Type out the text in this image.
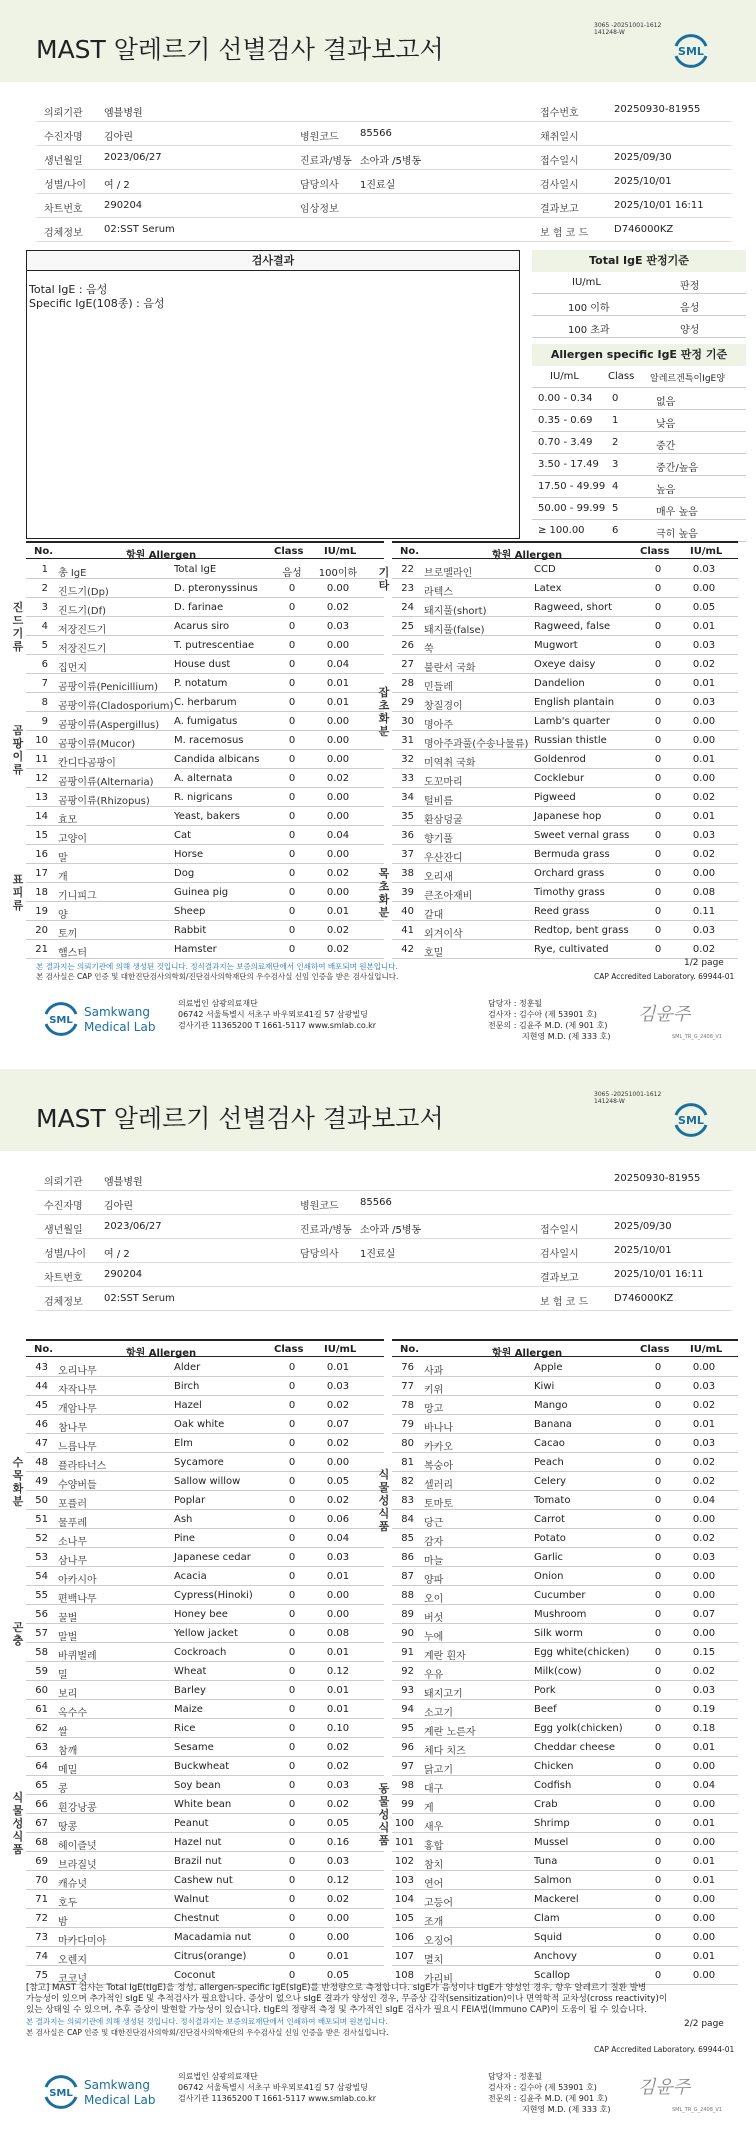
MAST 알레르기 선별검사 결과보고서
3065 -20251001-1612
141248-W
SML
의뢰기관 엠블병원	접수번호	20250930-81955
수진자명 김아린	병원코드 85566	채취일시
생년월일 2023/06/27	진료과/병동 소아과 /5병동	접수일시	2025/09/30
성별/나이 여 / 2	담당의사 1진료실	검사일시	2025/10/01
차트번호 290204	임상정보	결과보고	2025/10/01 16:11
검체정보 02:SST Serum	보 험 코 드	D746000KZ
검사결과
Total IgE : 음성
Specific IgE(108종) : 음성
Total IgE 판정기준
IU/mL	판정
100 이하	음성
100 초과	양성
Allergen specific IgE 판정 기준
IU/mL	Class 알레르겐특이IgE양
0.00 - 0.34 0	없음
0.35 - 0.69 1	낮음
0.70 - 3.49 2	중간
3.50 - 17.49 3	중간/높음
17.50 - 49.99 4	높음
50.00 - 99.99 5	매우 높음
≥ 100.00	6	극히 높음
No.	항원 Allergen	Class IU/mL
1 총 IgE	Total IgE	음성	100이하
2 진드기(Dp)	D. pteronyssinus	0	0.00
3 진드기(Df)	D. farinae	0	0.02
4 저장진드기	Acarus siro	0	0.03
5 저장진드기	T. putrescentiae	0	0.00
6 집먼지	House dust	0	0.04
7 곰팡이류(Penicillium) P. notatum	0	0.01
8 곰팡이류(Cladosporium) C. herbarum	0	0.01
9 곰팡이류(Aspergillus) A. fumigatus	0	0.00
10 곰팡이류(Mucor)	M. racemosus	0	0.00
11 칸디다곰팡이	Candida albicans	0	0.00
12 곰팡이류(Alternaria) A. alternata	0	0.02
13 곰팡이류(Rhizopus) R. nigricans	0	0.00
14 효모	Yeast, bakers	0	0.00
15 고양이	Cat	0	0.04
16 말	Horse	0	0.00
17 개	Dog	0	0.02
18 기니피그	Guinea pig	0	0.00
19 양	Sheep	0	0.01
20 토끼	Rabbit	0	0.02
21 햄스터	Hamster	0	0.02
진드기류
곰팡이류
표피류
No.	항원 Allergen	Class IU/mL
22 브로멜라인	CCD	0	0.03
23 라텍스	Latex	0	0.00
24 돼지풀(short)	Ragweed, short	0	0.05
25 돼지풀(false)	Ragweed, false	0	0.01
26 쑥	Mugwort	0	0.03
27 불란서 국화	Oxeye daisy	0	0.02
28 민들레	Dandelion	0	0.01
29 창질경이	English plantain	0	0.03
30 명아주	Lamb's quarter	0	0.00
31 명아주과풀(수송나물류) Russian thistle	0	0.00
32 미역취 국화	Goldenrod	0	0.01
33 도꼬마리	Cocklebur	0	0.00
34 털비름	Pigweed	0	0.02
35 환삼덩굴	Japanese hop	0	0.01
36 향기풀	Sweet vernal grass	0	0.03
37 우산잔디	Bermuda grass	0	0.02
38 오리새	Orchard grass	0	0.00
39 큰조아재비	Timothy grass	0	0.08
40 갈대	Reed grass	0	0.11
41 외겨이삭	Redtop, bent grass	0	0.03
42 호밀	Rye, cultivated	0	0.02
기타
잡초화분
목초화분
본 결과지는 의뢰기관에 의해 생성된 것입니다. 정식결과지는 보증의료재단에서 인쇄하여 배포되며 원본입니다.
본 검사실은 CAP 인증 및 대한진단검사의학회/진단검사의학재단의 우수검사실 신임 인증을 받은 검사실입니다.
1/2 page
CAP Accredited Laboratory. 69944-01
SML
Samkwang
Medical Lab
의료법인 삼광의료재단
06742 서울특별시 서초구 바우뫼로41길 57 삼광빌딩
검사기관 11365200 T 1661-5117 www.smlab.co.kr
담당자 : 정훈될
검사자 : 김수아 (제 53901 호)
전문의 : 김윤주 M.D. (제 901 호)
지현영 M.D. (제 333 호)
김윤주
SML_TR_G_2408_V1
MAST 알레르기 선별검사 결과보고서
3065 -20251001-1612
141248-W
SML
의뢰기관 엠블병원	20250930-81955
수진자명 김아린	병원코드 85566
생년월일 2023/06/27	진료과/병동 소아과 /5병동	접수일시	2025/09/30
성별/나이 여 / 2	담당의사 1진료실	검사일시	2025/10/01
차트번호 290204	결과보고	2025/10/01 16:11
검체정보 02:SST Serum	보 험 코 드	D746000KZ
No.	항원 Allergen	Class IU/mL
43 오리나무	Alder	0	0.01
44 자작나무	Birch	0	0.03
45 개암나무	Hazel	0	0.02
46 참나무	Oak white	0	0.07
47 느릅나무	Elm	0	0.02
48 플라타너스	Sycamore	0	0.00
49 수양버들	Sallow willow	0	0.05
50 포플러	Poplar	0	0.02
51 물푸레	Ash	0	0.06
52 소나무	Pine	0	0.04
53 삼나무	Japanese cedar	0	0.03
54 아카시아	Acacia	0	0.01
55 편백나무	Cypress(Hinoki)	0	0.00
56 꿀벌	Honey bee	0	0.00
57 말벌	Yellow jacket	0	0.08
58 바퀴벌레	Cockroach	0	0.01
59 밀	Wheat	0	0.12
60 보리	Barley	0	0.01
61 옥수수	Maize	0	0.01
62 쌀	Rice	0	0.10
63 참깨	Sesame	0	0.02
64 메밀	Buckwheat	0	0.02
65 콩	Soy bean	0	0.03
66 흰강낭콩	White bean	0	0.02
67 땅콩	Peanut	0	0.05
68 헤이즐넛	Hazel nut	0	0.16
69 브라질넛	Brazil nut	0	0.03
70 캐슈넛	Cashew nut	0	0.12
71 호두	Walnut	0	0.02
72 밤	Chestnut	0	0.00
73 마카다미아	Macadamia nut	0	0.00
74 오렌지	Citrus(orange)	0	0.01
75 코코넛	Coconut	0	0.05
수목화분
곤충
식물성식품
No.	항원 Allergen	Class IU/mL
76 사과	Apple	0	0.00
77 키위	Kiwi	0	0.03
78 망고	Mango	0	0.02
79 바나나	Banana	0	0.01
80 카카오	Cacao	0	0.03
81 복숭아	Peach	0	0.02
82 셀러리	Celery	0	0.02
83 토마토	Tomato	0	0.04
84 당근	Carrot	0	0.00
85 감자	Potato	0	0.02
86 마늘	Garlic	0	0.03
87 양파	Onion	0	0.00
88 오이	Cucumber	0	0.00
89 버섯	Mushroom	0	0.07
90 누에	Silk worm	0	0.00
91 계란 흰자	Egg white(chicken)	0	0.15
92 우유	Milk(cow)	0	0.02
93 돼지고기	Pork	0	0.03
94 소고기	Beef	0	0.19
95 계란 노른자	Egg yolk(chicken)	0	0.18
96 체다 치즈	Cheddar cheese	0	0.01
97 닭고기	Chicken	0	0.00
98 대구	Codfish	0	0.04
99 게	Crab	0	0.00
100 새우	Shrimp	0	0.01
101 홍합	Mussel	0	0.00
102 참치	Tuna	0	0.01
103 연어	Salmon	0	0.01
104 고등어	Mackerel	0	0.00
105 조개	Clam	0	0.00
106 오징어	Squid	0	0.00
107 멸치	Anchovy	0	0.01
108 가리비	Scallop	0	0.00
식물성식품
동물성식품
[참고] MAST 검사는 Total IgE(tIgE)을 정성, allergen-specific IgE(sIgE)를 반정량으로 측정합니다. sIgE가 음성이나 tIgE가 양성인 경우, 항우 알레르기 질환 발병
가능성이 있으며 추가적인 sIgE 및 추적검사가 필요합니다. 증상이 없으나 sIgE 결과가 양성인 경우, 무증상 감작(sensitization)이나 면역학적 교차성(cross reactivity)이
있는 상태일 수 있으며, 추후 증상이 발현할 가능성이 있습니다. tIgE의 정량적 측정 및 추가적인 sIgE 검사가 필요시 FEIA법(Immuno CAP)이 도움이 될 수 있습니다.
본 결과지는 의뢰기관에 의해 생성된 것입니다. 정식결과지는 보증의료재단에서 인쇄하여 배포되며 원본입니다.
본 검사실은 CAP 인증 및 대한진단검사의학회/진단검사의학재단의 우수검사실 신임 인증을 받은 검사실입니다.
2/2 page
CAP Accredited Laboratory. 69944-01
SML
Samkwang
Medical Lab
의료법인 삼광의료재단
06742 서울특별시 서초구 바우뫼로41길 57 삼광빌딩
검사기관 11365200 T 1661-5117 www.smlab.co.kr
담당자 : 정훈될
검사자 : 김수아 (제 53901 호)
전문의 : 김윤주 M.D. (제 901 호)
지현영 M.D. (제 333 호)
김윤주
SML_TR_G_2408_V1
